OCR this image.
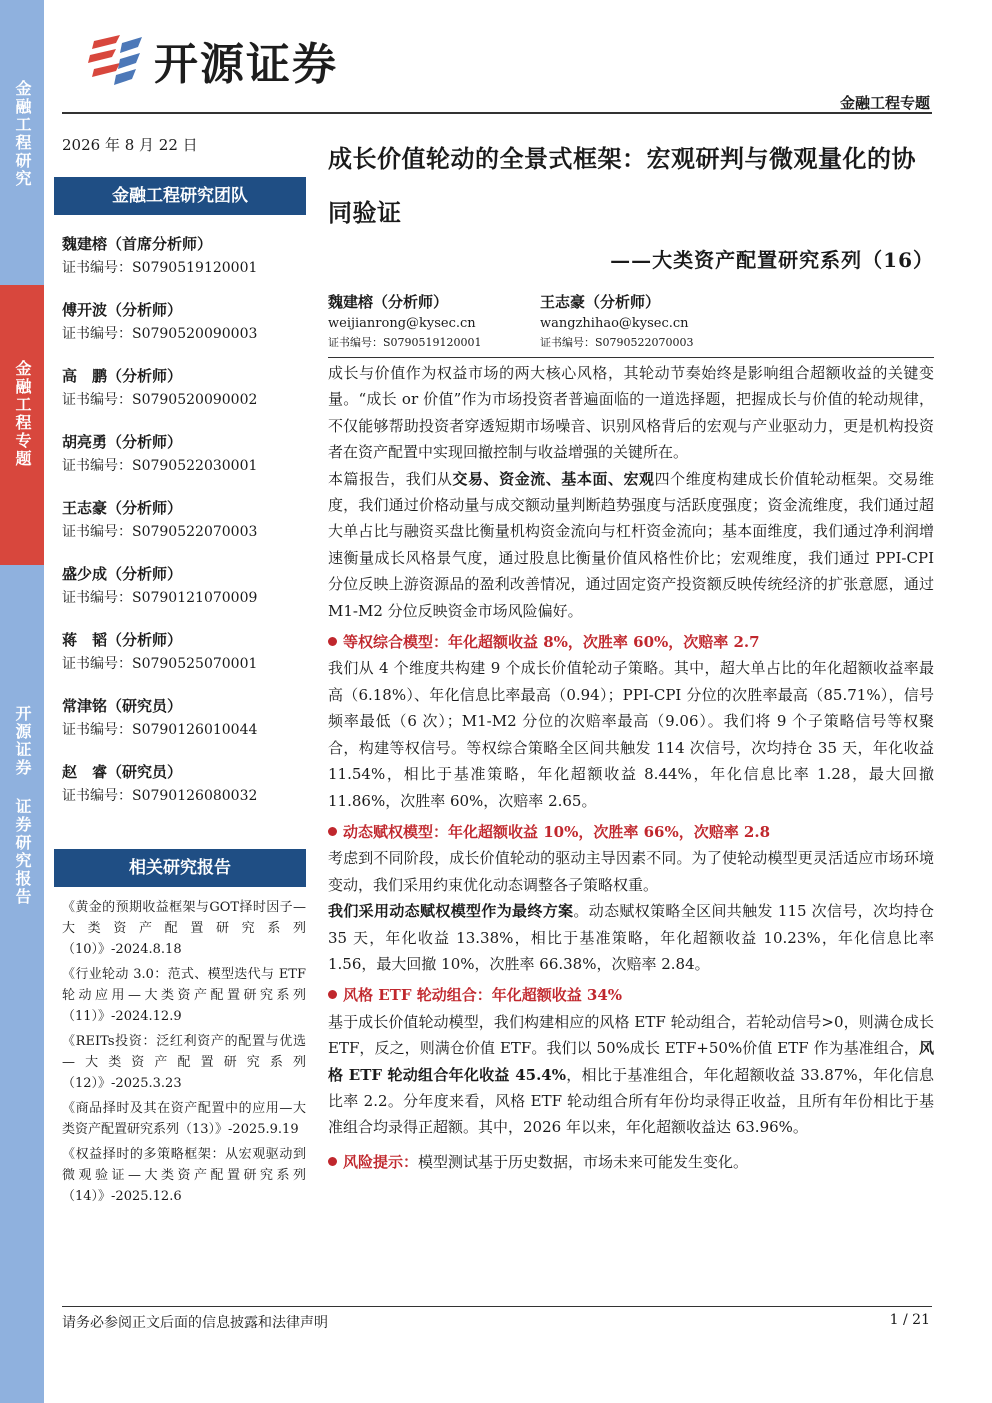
金融工程研究
金融工程专题
开源证券 证券研究报告
开源证券
金融工程专题
2026 年 8 月 22 日
金融工程研究团队
魏建榕（首席分析师）
证书编号：S0790519120001
傅开波（分析师）
证书编号：S0790520090003
高　鹏（分析师）
证书编号：S0790520090002
胡亮勇（分析师）
证书编号：S0790522030001
王志豪（分析师）
证书编号：S0790522070003
盛少成（分析师）
证书编号：S0790121070009
蒋　韬（分析师）
证书编号：S0790525070001
常津铭（研究员）
证书编号：S0790126010044
赵　睿（研究员）
证书编号：S0790126080032
相关研究报告
《黄金的预期收益框架与GOT择时因子—大类资产配置研究系列（10）》-2024.8.18
《行业轮动 3.0：范式、模型迭代与 ETF 轮动应用—大类资产配置研究系列（11）》-2024.12.9
《REITs投资：泛红利资产的配置与优选—大类资产配置研究系列（12）》-2025.3.23
《商品择时及其在资产配置中的应用—大类资产配置研究系列（13）》-2025.9.19
《权益择时的多策略框架：从宏观驱动到微观验证—大类资产配置研究系列（14）》-2025.12.6
成长价值轮动的全景式框架：宏观研判与微观量化的协同验证
——大类资产配置研究系列（16）
魏建榕（分析师）
weijianrong@kysec.cn
证书编号：S0790519120001
王志豪（分析师）
wangzhihao@kysec.cn
证书编号：S0790522070003

成长与价值作为权益市场的两大核心风格，其轮动节奏始终是影响组合超额收益的关键变量。“成长 or 价值”作为市场投资者普遍面临的一道选择题，把握成长与价值的轮动规律，不仅能够帮助投资者穿透短期市场噪音、识别风格背后的宏观与产业驱动力，更是机构投资者在资产配置中实现回撤控制与收益增强的关键所在。

本篇报告，我们从交易、资金流、基本面、宏观四个维度构建成长价值轮动框架。交易维度，我们通过价格动量与成交额动量判断趋势强度与活跃度强度；资金流维度，我们通过超大单占比与融资买盘比衡量机构资金流向与杠杆资金流向；基本面维度，我们通过净利润增速衡量成长风格景气度，通过股息比衡量价值风格性价比；宏观维度，我们通过 PPI-CPI 分位反映上游资源品的盈利改善情况，通过固定资产投资额反映传统经济的扩张意愿，通过 M1-M2 分位反映资金市场风险偏好。

等权综合模型：年化超额收益 8%，次胜率 60%，次赔率 2.7

我们从 4 个维度共构建 9 个成长价值轮动子策略。其中，超大单占比的年化超额收益率最高（6.18%）、年化信息比率最高（0.94）；PPI-CPI 分位的次胜率最高（85.71%），信号频率最低（6 次）；M1-M2 分位的次赔率最高（9.06）。我们将 9 个子策略信号等权聚合，构建等权信号。等权综合策略全区间共触发 114 次信号，次均持仓 35 天，年化收益 11.54%，相比于基准策略，年化超额收益 8.44%，年化信息比率 1.28，最大回撤 11.86%，次胜率 60%，次赔率 2.65。

动态赋权模型：年化超额收益 10%，次胜率 66%，次赔率 2.8

考虑到不同阶段，成长价值轮动的驱动主导因素不同。为了使轮动模型更灵活适应市场环境变动，我们采用约束优化动态调整各子策略权重。

我们采用动态赋权模型作为最终方案。动态赋权策略全区间共触发 115 次信号，次均持仓 35 天，年化收益 13.38%，相比于基准策略，年化超额收益 10.23%，年化信息比率 1.56，最大回撤 10%，次胜率 66.38%，次赔率 2.84。

风格 ETF 轮动组合：年化超额收益 34%

基于成长价值轮动模型，我们构建相应的风格 ETF 轮动组合，若轮动信号>0，则满仓成长 ETF，反之，则满仓价值 ETF。我们以 50%成长 ETF+50%价值 ETF 作为基准组合，风格 ETF 轮动组合年化收益 45.4%，相比于基准组合，年化超额收益 33.87%，年化信息比率 2.2。分年度来看，风格 ETF 轮动组合所有年份均录得正收益，且所有年份相比于基准组合均录得正超额。其中，2026 年以来，年化超额收益达 63.96%。

风险提示：模型测试基于历史数据，市场未来可能发生变化。

请务必参阅正文后面的信息披露和法律声明	1 / 21
